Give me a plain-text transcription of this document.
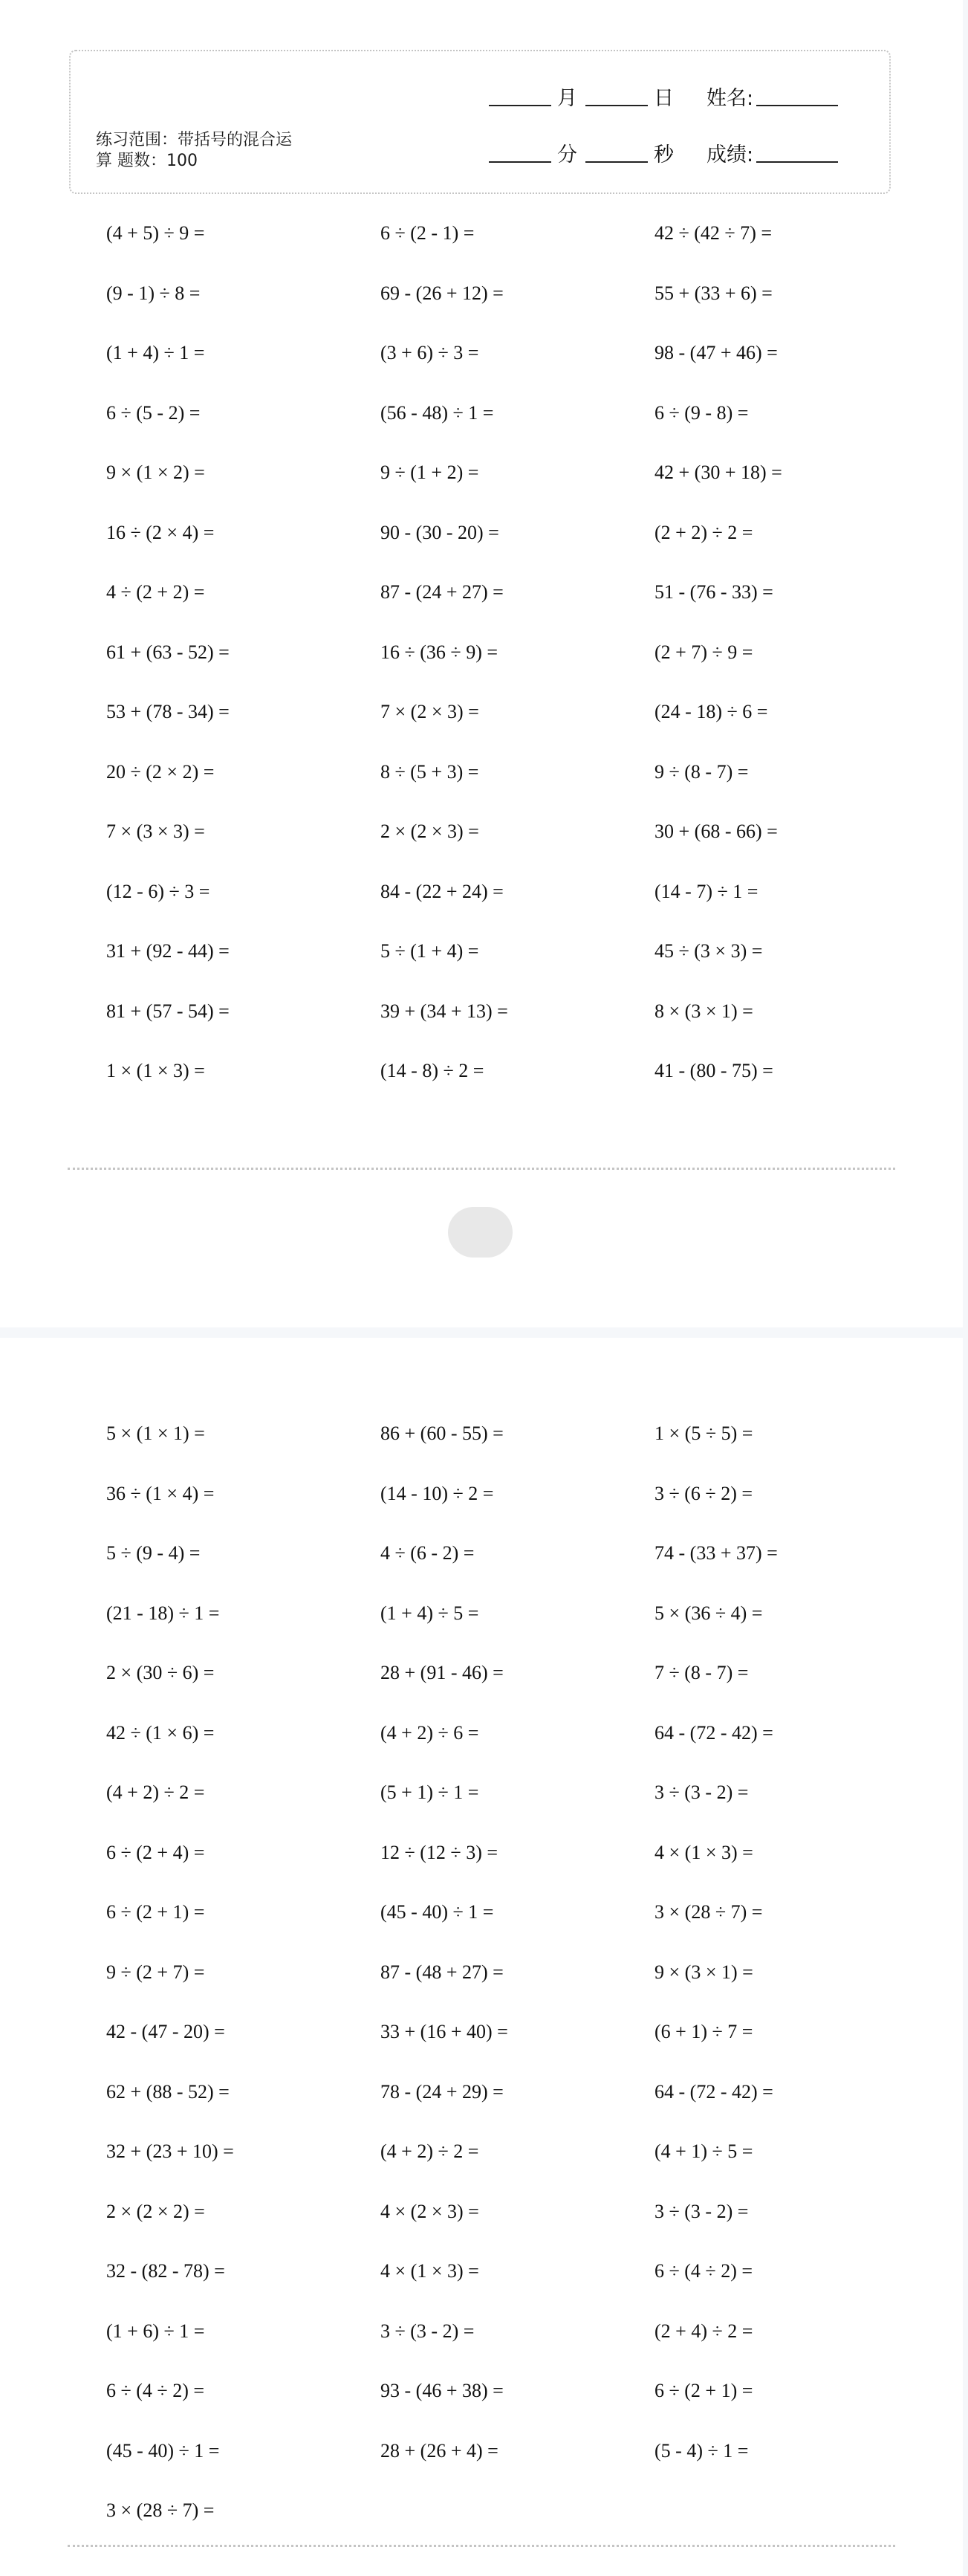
练习范围：带括号的混合运
算 题数：100
月	日 姓名:
分	秒 成绩:
(4 + 5) ÷ 9 =	6 ÷ (2 - 1) =	42 ÷ (42 ÷ 7) =
(9 - 1) ÷ 8 =	69 - (26 + 12) =	55 + (33 + 6) =
(1 + 4) ÷ 1 =	(3 + 6) ÷ 3 =	98 - (47 + 46) =
6 ÷ (5 - 2) =	(56 - 48) ÷ 1 =	6 ÷ (9 - 8) =
9 × (1 × 2) =	9 ÷ (1 + 2) =	42 + (30 + 18) =
16 ÷ (2 × 4) =	90 - (30 - 20) =	(2 + 2) ÷ 2 =
4 ÷ (2 + 2) =	87 - (24 + 27) =	51 - (76 - 33) =
61 + (63 - 52) =	16 ÷ (36 ÷ 9) =	(2 + 7) ÷ 9 =
53 + (78 - 34) =	7 × (2 × 3) =	(24 - 18) ÷ 6 =
20 ÷ (2 × 2) =	8 ÷ (5 + 3) =	9 ÷ (8 - 7) =
7 × (3 × 3) =	2 × (2 × 3) =	30 + (68 - 66) =
(12 - 6) ÷ 3 =	84 - (22 + 24) =	(14 - 7) ÷ 1 =
31 + (92 - 44) =	5 ÷ (1 + 4) =	45 ÷ (3 × 3) =
81 + (57 - 54) =	39 + (34 + 13) =	8 × (3 × 1) =
1 × (1 × 3) =	(14 - 8) ÷ 2 =	41 - (80 - 75) =
5 × (1 × 1) =	86 + (60 - 55) =	1 × (5 ÷ 5) =
36 ÷ (1 × 4) =	(14 - 10) ÷ 2 =	3 ÷ (6 ÷ 2) =
5 ÷ (9 - 4) =	4 ÷ (6 - 2) =	74 - (33 + 37) =
(21 - 18) ÷ 1 =	(1 + 4) ÷ 5 =	5 × (36 ÷ 4) =
2 × (30 ÷ 6) =	28 + (91 - 46) =	7 ÷ (8 - 7) =
42 ÷ (1 × 6) =	(4 + 2) ÷ 6 =	64 - (72 - 42) =
(4 + 2) ÷ 2 =	(5 + 1) ÷ 1 =	3 ÷ (3 - 2) =
6 ÷ (2 + 4) =	12 ÷ (12 ÷ 3) =	4 × (1 × 3) =
6 ÷ (2 + 1) =	(45 - 40) ÷ 1 =	3 × (28 ÷ 7) =
9 ÷ (2 + 7) =	87 - (48 + 27) =	9 × (3 × 1) =
42 - (47 - 20) =	33 + (16 + 40) =	(6 + 1) ÷ 7 =
62 + (88 - 52) =	78 - (24 + 29) =	64 - (72 - 42) =
32 + (23 + 10) =	(4 + 2) ÷ 2 =	(4 + 1) ÷ 5 =
2 × (2 × 2) =	4 × (2 × 3) =	3 ÷ (3 - 2) =
32 - (82 - 78) =	4 × (1 × 3) =	6 ÷ (4 ÷ 2) =
(1 + 6) ÷ 1 =	3 ÷ (3 - 2) =	(2 + 4) ÷ 2 =
6 ÷ (4 ÷ 2) =	93 - (46 + 38) =	6 ÷ (2 + 1) =
(45 - 40) ÷ 1 =	28 + (26 + 4) =	(5 - 4) ÷ 1 =
3 × (28 ÷ 7) =
